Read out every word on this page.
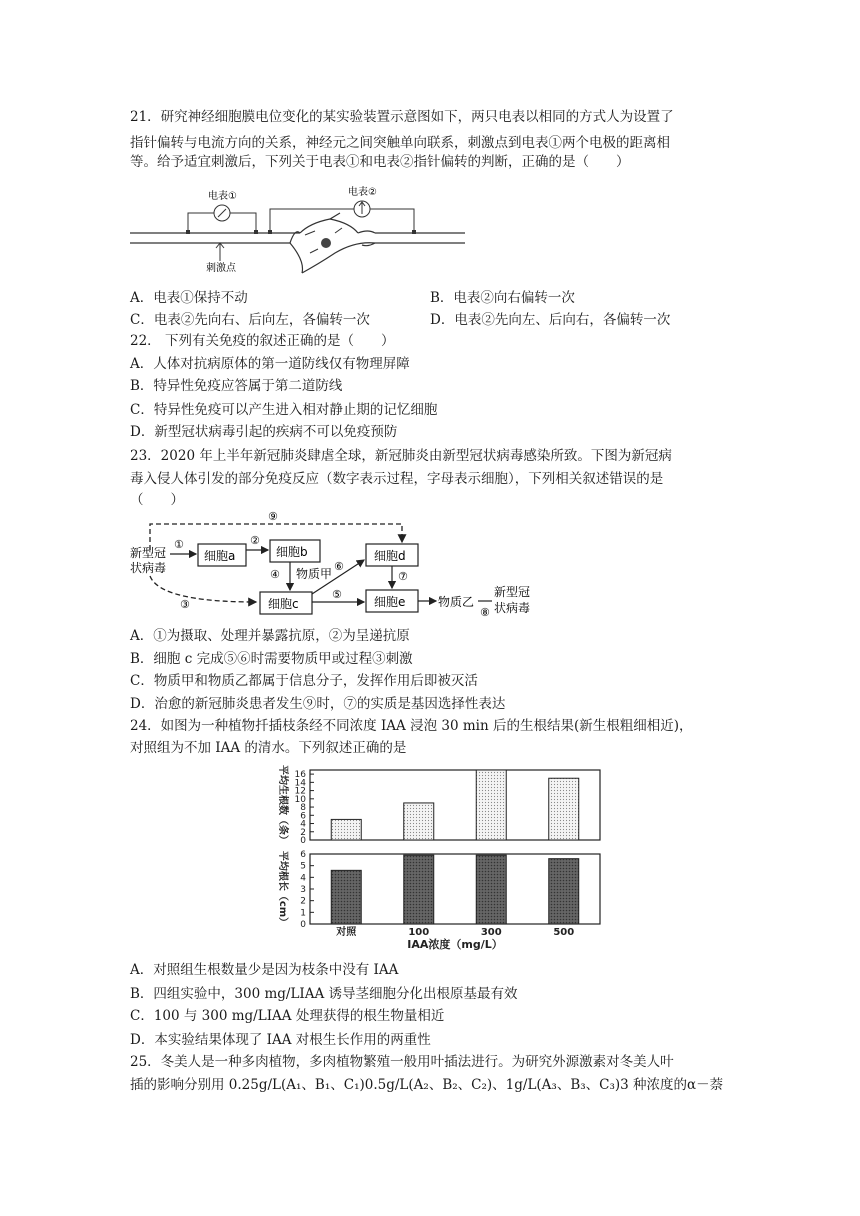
21．研究神经细胞膜电位变化的某实验装置示意图如下，两只电表以相同的方式人为设置了
指针偏转与电流方向的关系，神经元之间突触单向联系，刺激点到电表①两个电极的距离相
等。给予适宜刺激后，下列关于电表①和电表②指针偏转的判断，正确的是（　　）
电表①	电表②
刺激点
A．电表①保持不动	B．电表②向右偏转一次
C．电表②先向右、后向左，各偏转一次	D．电表②先向左、后向右，各偏转一次
22． 下列有关免疫的叙述正确的是（　　）
A．人体对抗病原体的第一道防线仅有物理屏障
B．特异性免疫应答属于第二道防线
C．特异性免疫可以产生进入相对静止期的记忆细胞
D．新型冠状病毒引起的疾病不可以免疫预防
23．2020 年上半年新冠肺炎肆虐全球，新冠肺炎由新型冠状病毒感染所致。下图为新冠病
毒入侵人体引发的部分免疫反应（数字表示过程，字母表示细胞），下列相关叙述错误的是
（　　）
⑨
新型冠
状病毒
①
细胞a
②
细胞b
④ 物质甲
细胞c
③
⑥
细胞d
⑦
⑤
细胞e	物质乙
⑧
新型冠
状病毒
A．①为摄取、处理并暴露抗原，②为呈递抗原
B．细胞 c 完成⑤⑥时需要物质甲或过程③刺激
C．物质甲和物质乙都属于信息分子，发挥作用后即被灭活
D．治愈的新冠肺炎患者发生⑨时，⑦的实质是基因选择性表达
24．如图为一种植物扦插枝条经不同浓度 IAA 浸泡 30 min 后的生根结果(新生根粗细相近)，
对照组为不加 IAA 的清水。下列叙述正确的是
0
2
4
6
8
10
12
14
16
平均生根数（条）
0
1
2
3
4
5
6
平均根长（cm）
对照	100	300	500
IAA浓度（mg/L）
A．对照组生根数量少是因为枝条中没有 IAA
B．四组实验中，300 mg/LIAA 诱导茎细胞分化出根原基最有效
C．100 与 300 mg/LIAA 处理获得的根生物量相近
D．本实验结果体现了 IAA 对根生长作用的两重性
25．冬美人是一种多肉植物，多肉植物繁殖一般用叶插法进行。为研究外源激素对冬美人叶
插的影响分别用 0.25g/L(A₁、B₁、C₁)0.5g/L(A₂、B₂、C₂)、1g/L(A₃、B₃、C₃)3 种浓度的α－萘
